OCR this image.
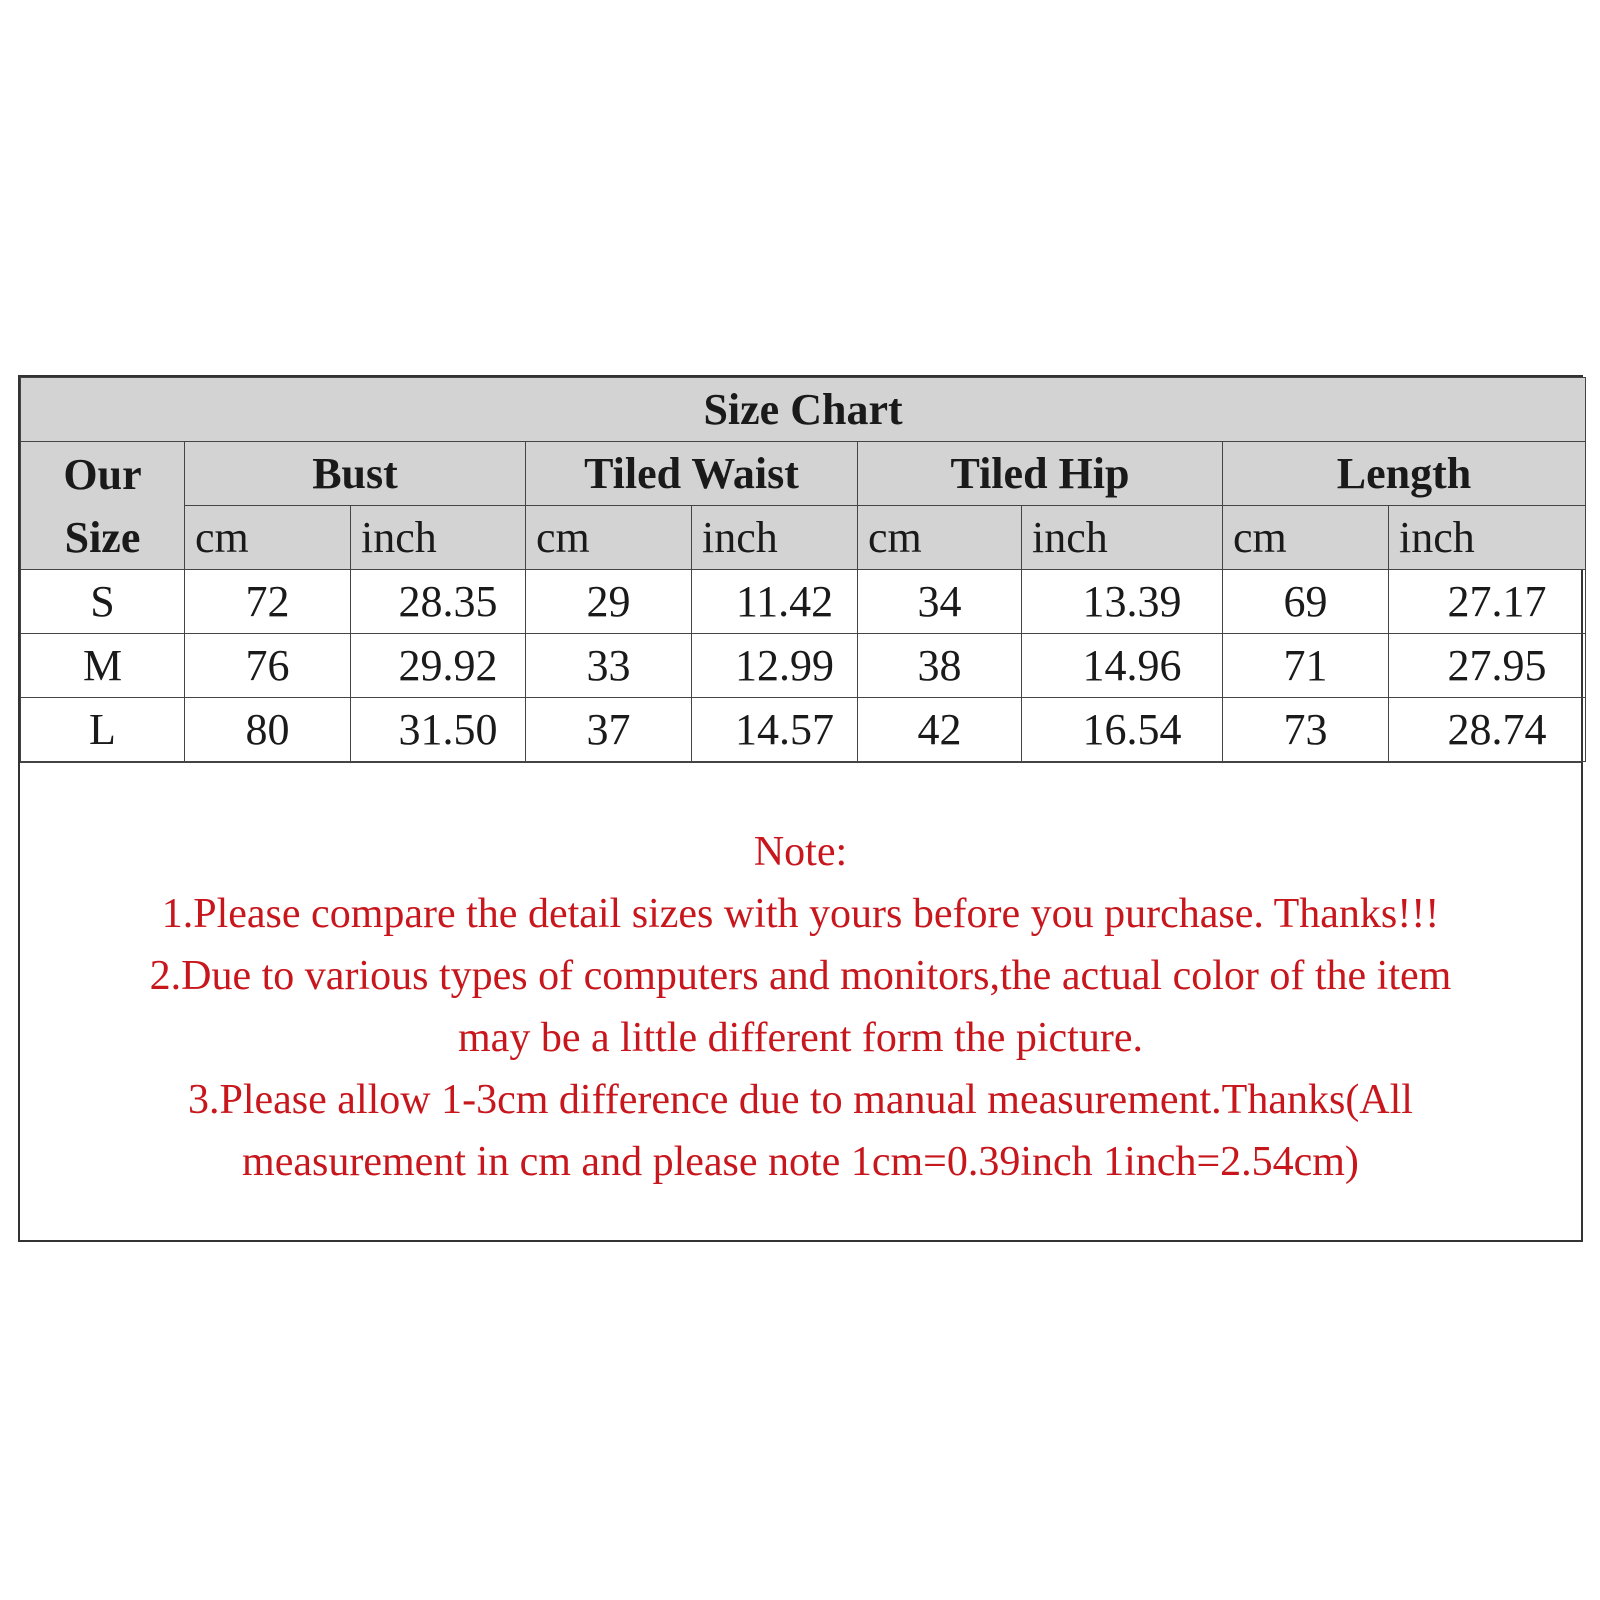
Size Chart								
Our
Size	Bust		Tiled Waist		Tiled Hip		Length	
	cm	inch	cm	inch	cm	inch	cm	inch
S	72	28.35	29	11.42	34	13.39	69	27.17
M	76	29.92	33	12.99	38	14.96	71	27.95
L	80	31.50	37	14.57	42	16.54	73	28.74
Note:
1.Please compare the detail sizes with yours before you purchase. Thanks!!!
2.Due to various types of computers and monitors,the actual color of the item
may be a little different form the picture.
3.Please allow 1-3cm difference due to manual measurement.Thanks(All
measurement in cm and please note 1cm=0.39inch 1inch=2.54cm)
